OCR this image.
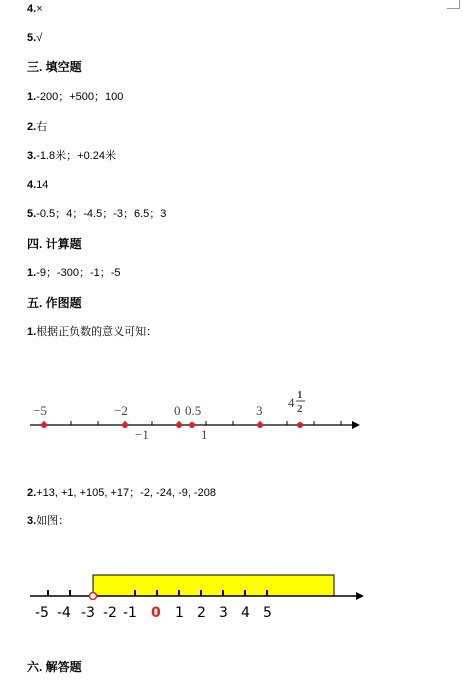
4.×
5.√
三. 填空题
1.-200；+500；100
2.右
3.-1.8米；+0.24米
4.14
5.-0.5；4；-4.5；-3；6.5；3
四. 计算题
1.-9；-300；-1；-5
五. 作图题
1.根据正负数的意义可知：
−5	−2	0 0.5	3
4 1
2
−1	1
2.+13, +1, +105, +17；-2, -24, -9, -208
3.如图：
-5 -4 -3 -2 -1 0 1 2 3 4 5
六. 解答题
